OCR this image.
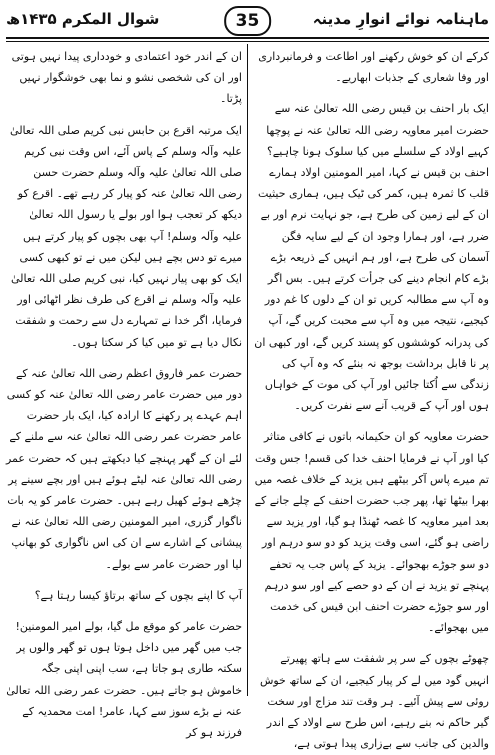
ماہنامہ نوائے انوارِ مدینہ
35
شوال المکرم ۱۴۳۵ھ

کرکے ان کو خوش رکھنے اور اطاعت و فرمانبرداری اور وفا شعاری کے جذبات ابھاریے۔

ایک بار احنف بن قیس رضی اللہ تعالیٰ عنہ سے حضرت امیر معاویہ رضی اللہ تعالیٰ عنہ نے پوچھا کہیے اولاد کے سلسلے میں کیا سلوک ہونا چاہیے؟ احنف بن قیس نے کہا، امیر المومنین اولاد ہمارے قلب کا ثمرہ ہیں، کمر کی ٹیک ہیں، ہماری حیثیت ان کے لیے زمین کی طرح ہے، جو نہایت نرم اور بے ضرر ہے، اور ہمارا وجود ان کے لیے سایہ فگن آسمان کی طرح ہے، اور ہم انہیں کے ذریعہ بڑے بڑے کام انجام دینے کی جرأت کرتے ہیں۔ بس اگر وہ آپ سے مطالبہ کریں تو ان کے دلوں کا غم دور کیجیے، نتیجہ میں وہ آپ سے محبت کریں گے، آپ کی پدرانہ کوششوں کو پسند کریں گے، اور کبھی ان پر نا قابل برداشت بوجھ نہ بنئے کہ وہ آپ کی زندگی سے اُکتا جائیں اور آپ کی موت کے خواہاں ہوں اور آپ کے قریب آنے سے نفرت کریں۔

حضرت معاویہ کو ان حکیمانہ باتوں نے کافی متاثر کیا اور آپ نے فرمایا احنف خدا کی قسم! جس وقت تم میرے پاس آکر بیٹھے ہیں یزید کے خلاف غصہ میں بھرا بیٹھا تھا، پھر جب حضرت احنف کے چلے جانے کے بعد امیر معاویہ کا غصہ ٹھنڈا ہو گیا، اور یزید سے راضی ہو گئے، اسی وقت یزید کو دو سو درہم اور دو سو جوڑے بھجوائے۔ یزید کے پاس جب یہ تحفے پہنچے تو یزید نے ان کے دو حصے کیے اور سو درہم اور سو جوڑے حضرت احنف ابن قیس کی خدمت میں بھجوائے۔

چھوٹے بچوں کے سر پر شفقت سے ہاتھ پھیرتے انہیں گود میں لے کر پیار کیجیے، ان کے ساتھ خوش روئی سے پیش آئیے۔ ہر وقت تند مزاج اور سخت گیر حاکم نہ بنے رہیے، اس طرح سے اولاد کے اندر والدین کی جانب سے بےزاری پیدا ہوتی ہے،

ان کے اندر خود اعتمادی و خودداری پیدا نہیں ہوتی اور ان کی شخصی نشو و نما بھی خوشگوار نہیں پڑتا۔

ایک مرتبہ اقرع بن حابس نبی کریم صلی اللہ تعالیٰ علیہ وآلہ وسلم کے پاس آئے، اس وقت نبی کریم صلی اللہ تعالیٰ علیہ وآلہ وسلم حضرت حسن رضی اللہ تعالیٰ عنہ کو پیار کر رہے تھے۔ اقرع کو دیکھ کر تعجب ہوا اور بولے یا رسول اللہ تعالیٰ علیہ وآلہ وسلم! آپ بھی بچوں کو پیار کرتے ہیں میرے تو دس بچے ہیں لیکن میں نے تو کبھی کسی ایک کو بھی پیار نہیں کیا، نبی کریم صلی اللہ تعالیٰ علیہ وآلہ وسلم نے اقرع کی طرف نظر اٹھائی اور فرمایا، اگر خدا نے تمہارے دل سے رحمت و شفقت نکال دیا ہے تو میں کیا کر سکتا ہوں۔

حضرت عمر فاروق اعظم رضی اللہ تعالیٰ عنہ کے دور میں حضرت عامر رضی اللہ تعالیٰ عنہ کو کسی اہم عہدے پر رکھنے کا ارادہ کیا، ایک بار حضرت عامر حضرت عمر رضی اللہ تعالیٰ عنہ سے ملنے کے لئے ان کے گھر پہنچے کیا دیکھتے ہیں کہ حضرت عمر رضی اللہ تعالیٰ عنہ لیٹے ہوئے ہیں اور بچے سینے پر چڑھے ہوئے کھیل رہے ہیں۔ حضرت عامر کو یہ بات ناگوار گزری، امیر المومنین رضی اللہ تعالیٰ عنہ نے پیشانی کے اشارے سے ان کی اس ناگواری کو بھانپ لیا اور حضرت عامر سے بولے۔

آپ کا اپنے بچوں کے ساتھ برتاؤ کیسا رہتا ہے؟

حضرت عامر کو موقع مل گیا، بولے امیر المومنین! جب میں گھر میں داخل ہوتا ہوں تو گھر والوں پر سکتہ طاری ہو جاتا ہے، سب اپنی اپنی جگہ خاموش ہو جاتے ہیں۔ حضرت عمر رضی اللہ تعالیٰ عنہ نے بڑے سوز سے کہا، عامر! امت محمدیہ کے فرزند ہو کر
